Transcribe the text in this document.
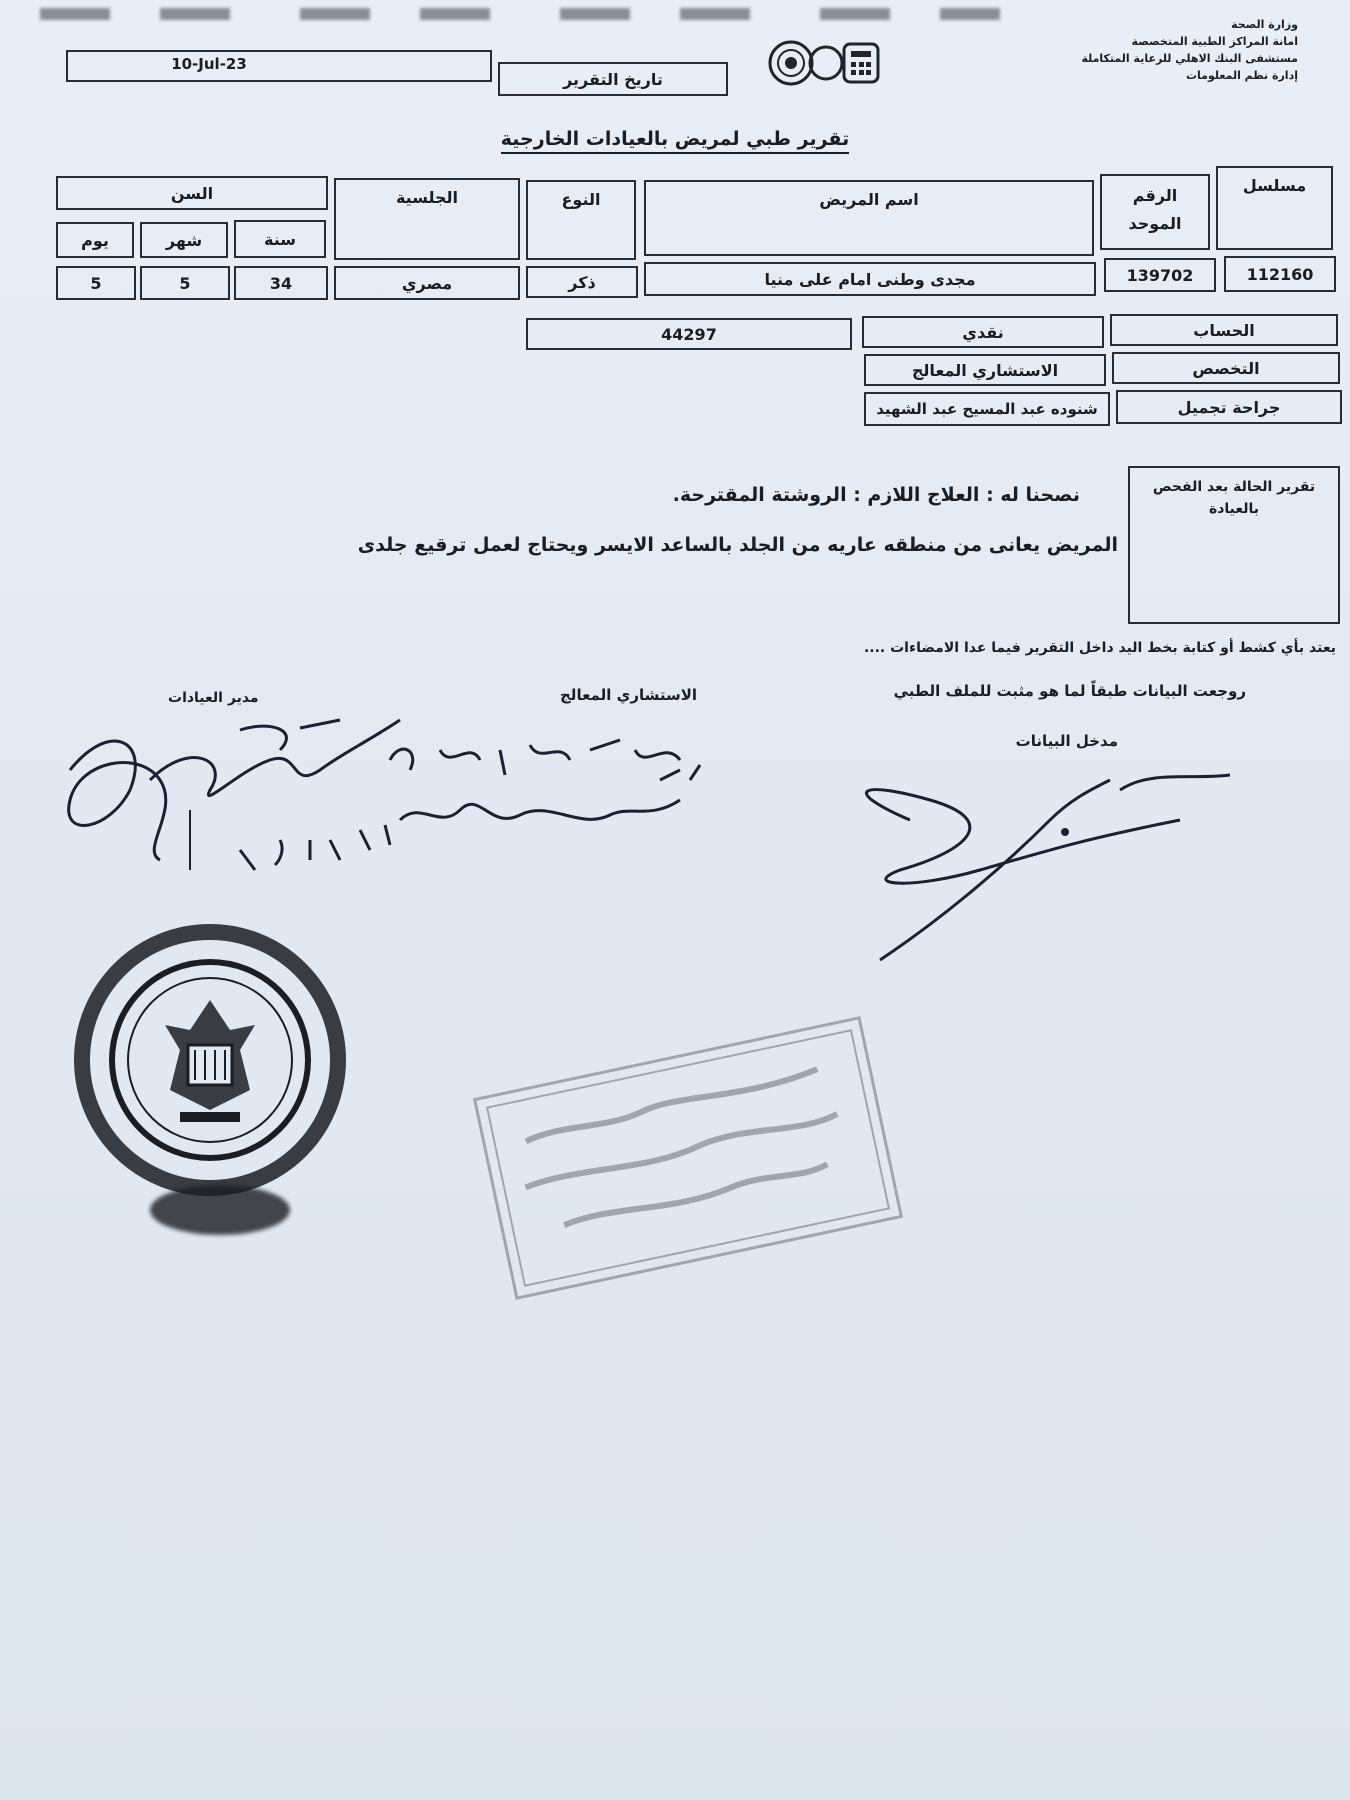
وزارة الصحة
امانة المراكز الطبية المتخصصة
مستشفى البنك الاهلي للرعاية المتكاملة
إدارة نظم المعلومات
تاريخ التقرير
10-Jul-23
تقرير طبي لمريض بالعيادات الخارجية
مسلسل
الرقم الموحد
اسم المريض
النوع
الجلسية
السن
سنة
شهر
يوم
112160
139702
مجدى وطنى امام على منيا
ذكر
مصري
34
5
5
الحساب
نقدي
44297
التخصص
الاستشاري المعالج
جراحة تجميل
شنوده عبد المسيح عبد الشهيد
تقرير الحالة بعد الفحص بالعيادة
نصحنا له : العلاج اللازم : الروشتة المقترحة.
المريض يعانى من منطقه عاريه من الجلد بالساعد الايسر ويحتاج لعمل ترقيع جلدى
يعتد بأي كشط أو كتابة بخط اليد داخل التقرير فيما عدا الامضاءات ....
مدير العيادات	الاستشاري المعالج	روجعت البيانات طبقاً لما هو مثبت للملف الطبي
مدخل البيانات
